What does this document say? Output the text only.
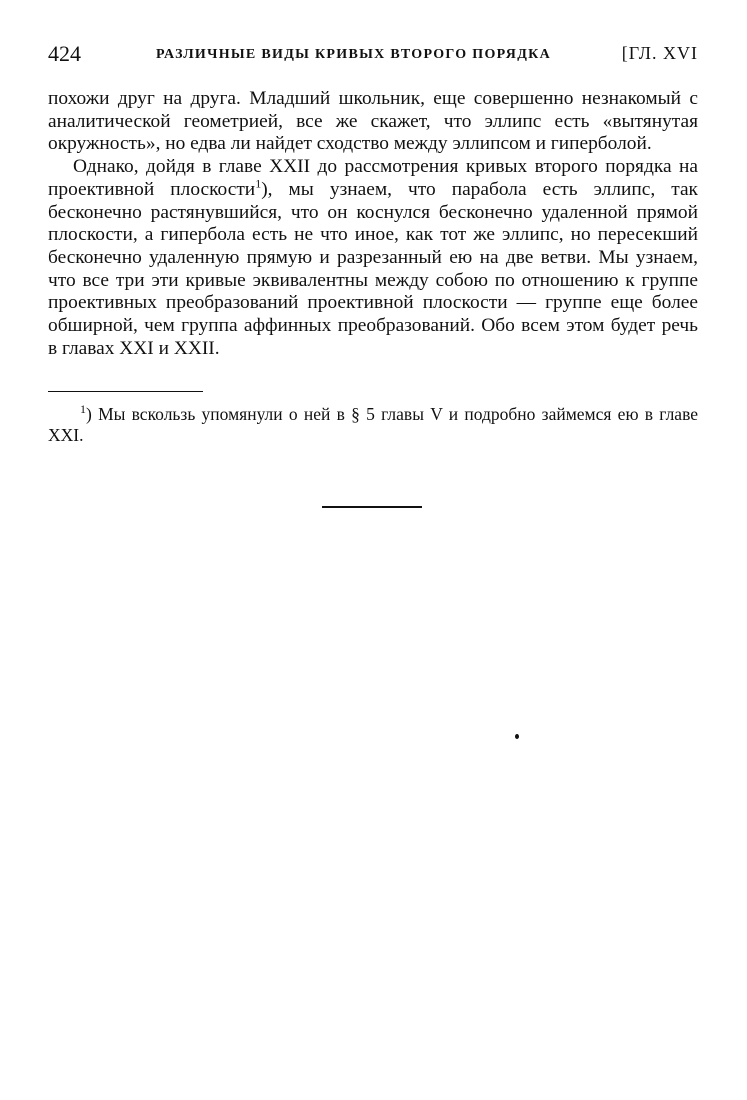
424	РАЗЛИЧНЫЕ ВИДЫ КРИВЫХ ВТОРОГО ПОРЯДКА	[ГЛ. XVI

похожи друг на друга. Младший школьник, еще совершенно незнакомый с аналитической геометрией, все же скажет, что эллипс есть «вытянутая окружность», но едва ли найдет сходство между эллипсом и гиперболой.

Однако, дойдя в главе XXII до рассмотрения кривых второго порядка на проективной плоскости$^1$), мы узнаем, что парабола есть эллипс, так бесконечно растянувшийся, что он коснулся бесконечно удаленной прямой плоскости, а гипербола есть не что иное, как тот же эллипс, но пересекший бесконечно удаленную прямую и разрезанный ею на две ветви. Мы узнаем, что все три эти кривые эквивалентны между собою по отношению к группе проективных преобразований проективной плоскости — группе еще более обширной, чем группа аффинных преобразований. Обо всем этом будет речь в главах XXI и XXII.

$^1$) Мы вскользь упомянули о ней в § 5 главы V и подробно займемся ею в главе XXI.
